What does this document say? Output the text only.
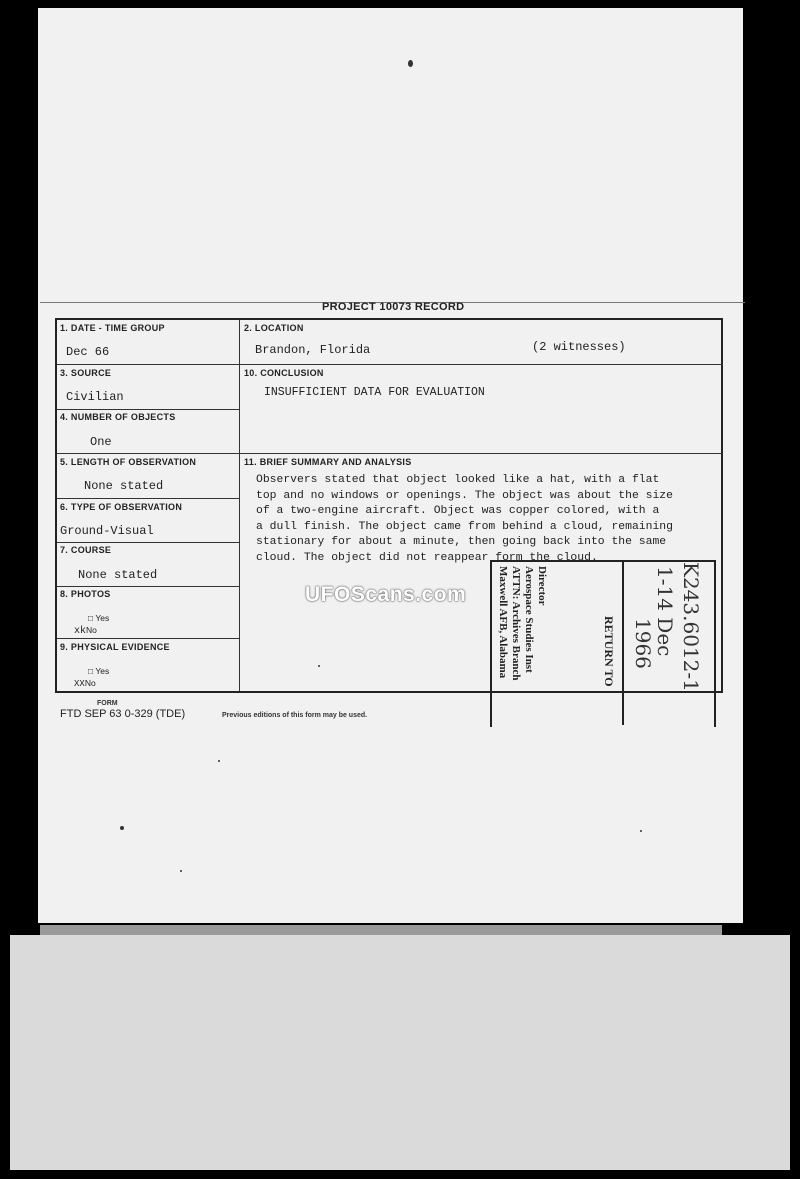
PROJECT 10073 RECORD
1. DATE - TIME GROUP
Dec 66
2. LOCATION
Brandon, Florida	(2 witnesses)
3. SOURCE
Civilian
10. CONCLUSION
INSUFFICIENT DATA FOR EVALUATION
4. NUMBER OF OBJECTS
One
5. LENGTH OF OBSERVATION
None stated
11. BRIEF SUMMARY AND ANALYSIS
Observers stated that object looked like a hat, with a flat
top and no windows or openings. The object was about the size
of a two-engine aircraft. Object was copper colored, with a
a dull finish. The object came from behind a cloud, remaining
stationary for about a minute, then going back into the same
cloud. The object did not reappear form the cloud.
6. TYPE OF OBSERVATION
Ground-Visual
7. COURSE
None stated
8. PHOTOS
□ Yes
xkNo
9. PHYSICAL EVIDENCE
□ Yes
XXNo
Director
Aerospace Studies Inst
ATTN: Archives Branch
Maxwell AFB, Alabama	RETURN TO	K243.6012-1
1-14 Dec
1966
FORM
FTD SEP 63 0-329 (TDE)	Previous editions of this form may be used.
UFOScans.com
